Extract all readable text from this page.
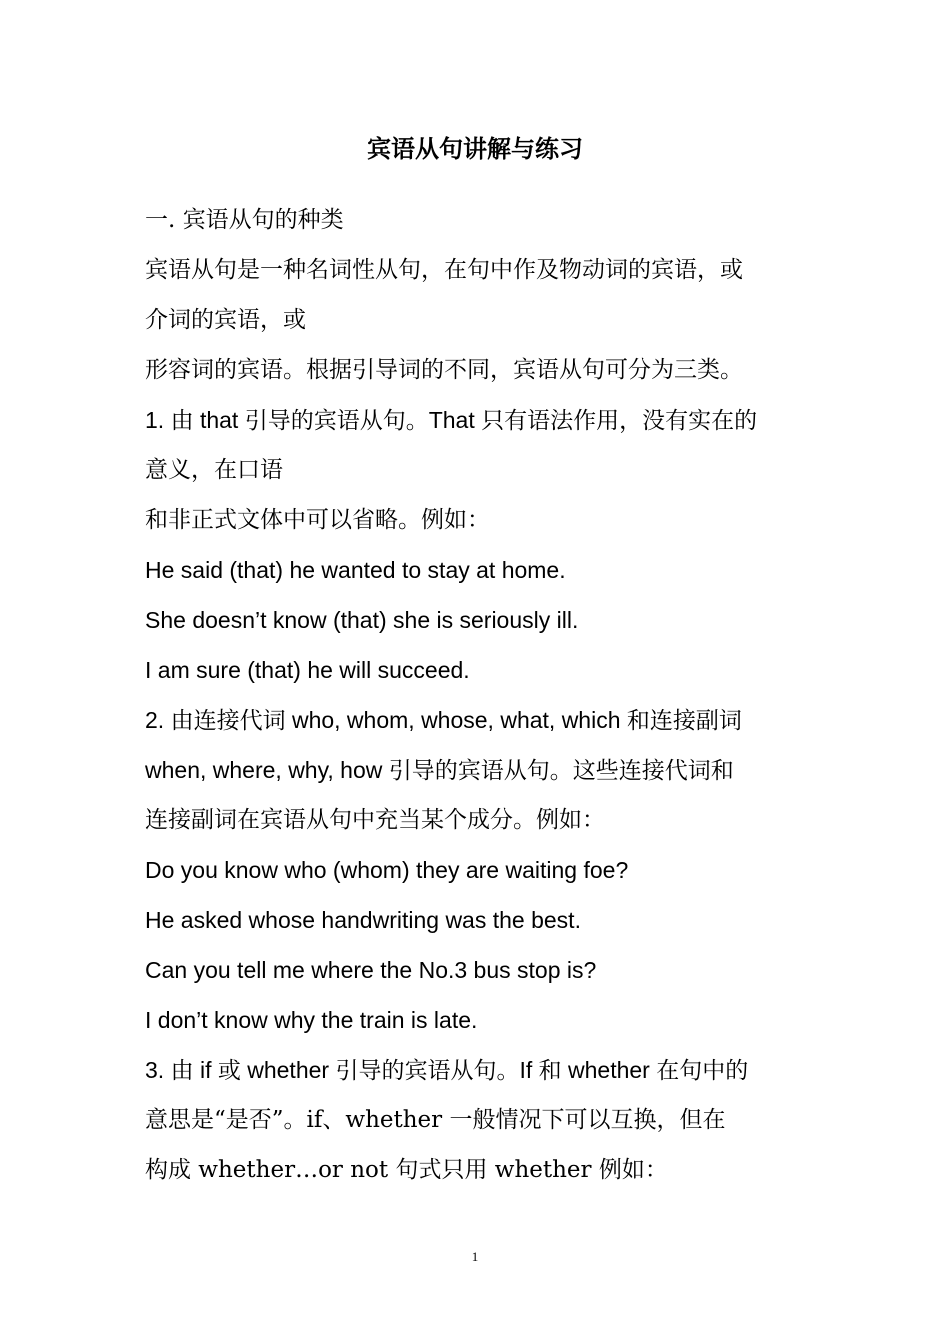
宾语从句讲解与练习
一. 宾语从句的种类
宾语从句是一种名词性从句，在句中作及物动词的宾语，或
介词的宾语，或
形容词的宾语。根据引导词的不同，宾语从句可分为三类。
1. 由 that 引导的宾语从句。That 只有语法作用，没有实在的
意义，在口语
和非正式文体中可以省略。例如：
He said (that) he wanted to stay at home.
She doesn’t know (that) she is seriously ill.
I am sure (that) he will succeed.
2. 由连接代词 who, whom, whose, what, which 和连接副词
when, where, why, how 引导的宾语从句。这些连接代词和
连接副词在宾语从句中充当某个成分。例如：
Do you know who (whom) they are waiting foe?
He asked whose handwriting was the best.
Can you tell me where the No.3 bus stop is?
I don’t know why the train is late.
3. 由 if 或 whether 引导的宾语从句。If 和 whether 在句中的
意思是“是否”。if、whether 一般情况下可以互换，但在
构成 whether…or not 句式只用 whether 例如：
1
